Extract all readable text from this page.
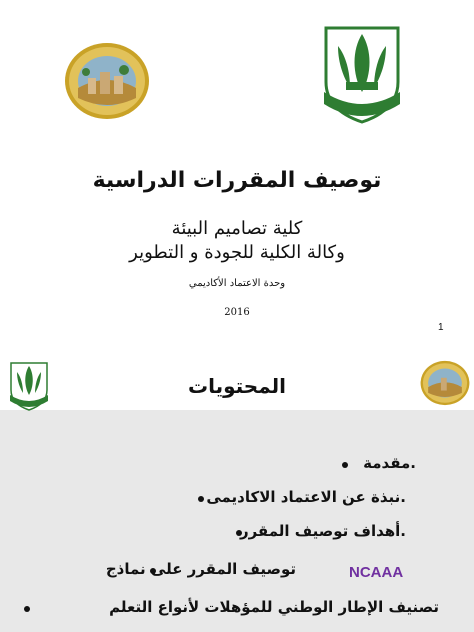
توصيف المقررات الدراسية
كلية تصاميم البيئة
وكالة الكلية للجودة و التطوير
وحدة الاعتماد الأكاديمي
2016
1
المحتويات
.مقدمة
.نبذة عن الاعتماد الاكاديمى
.أهداف توصيف المقرر
NCAAA
توصيف المقرر على نماذج
تصنيف الإطار الوطني للمؤهلات لأنواع التعلم
